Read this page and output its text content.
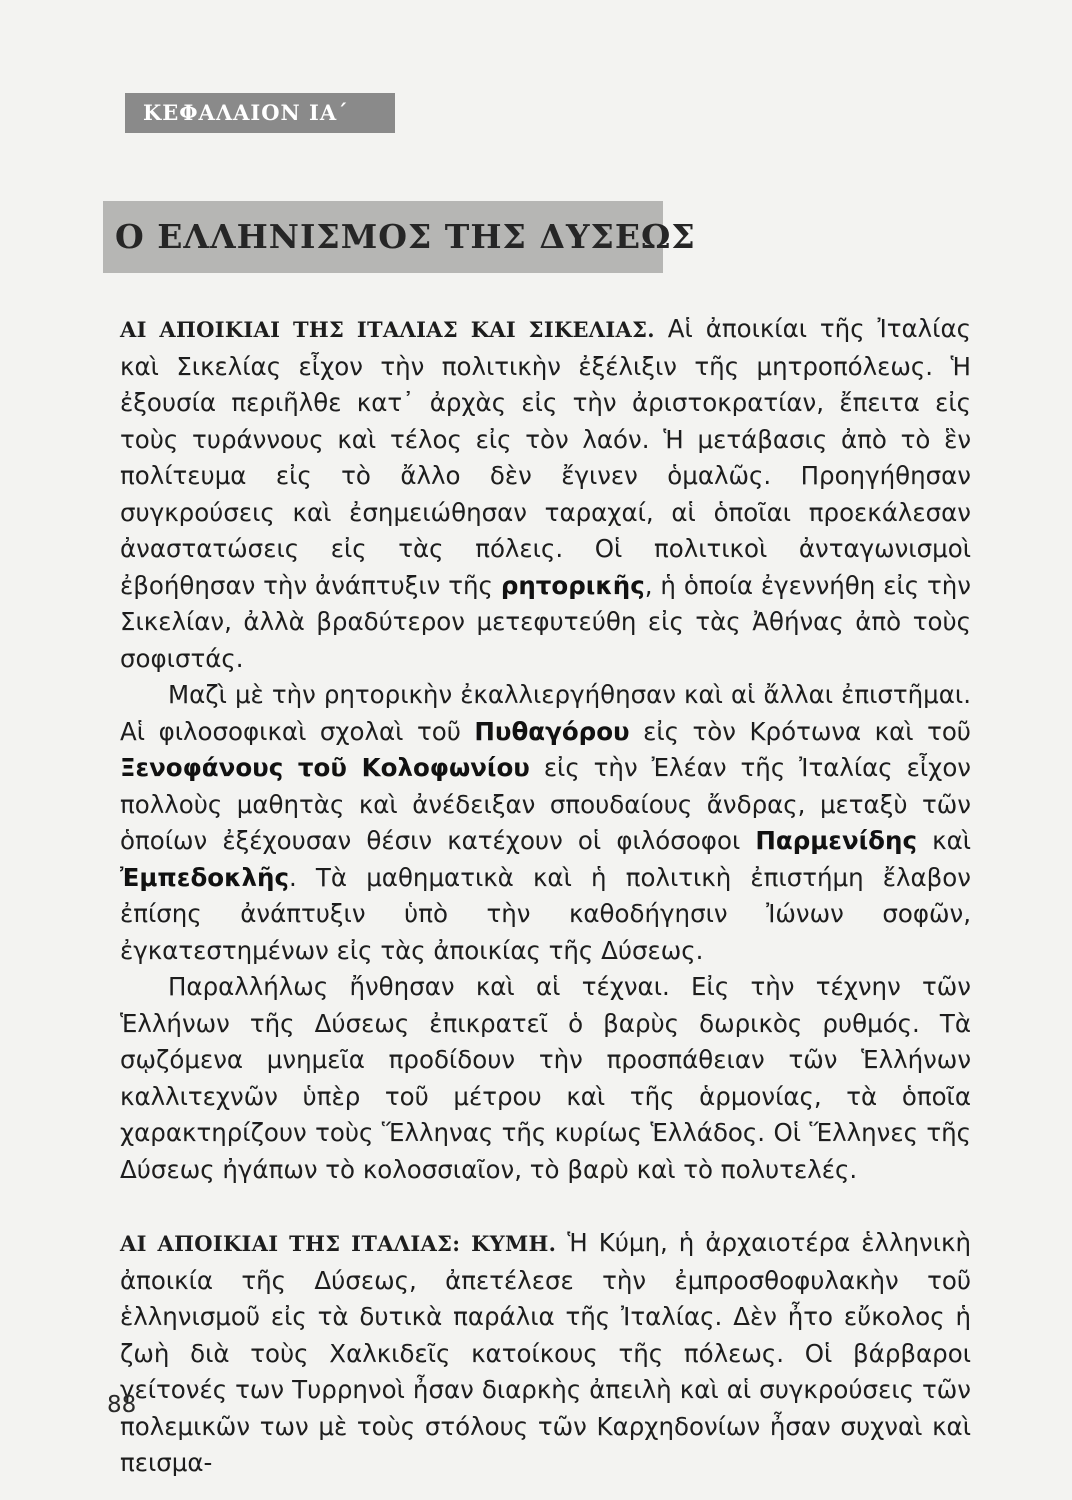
ΚΕΦΑΛΑΙΟΝ ΙΑ΄
Ο ΕΛΛΗΝΙΣΜΟΣ ΤΗΣ ΔΥΣΕΩΣ

ΑΙ ΑΠΟΙΚΙΑΙ ΤΗΣ ΙΤΑΛΙΑΣ ΚΑΙ ΣΙΚΕΛΙΑΣ. Αἱ ἀποικίαι τῆς Ἰταλίας καὶ Σικελίας εἶχον τὴν πολιτικὴν ἐξέλιξιν τῆς μητροπόλεως. Ἡ ἐξουσία περιῆλθε κατ᾽ ἀρχὰς εἰς τὴν ἀριστοκρατίαν, ἔπειτα εἰς τοὺς τυράννους καὶ τέλος εἰς τὸν λαόν. Ἡ μετάβασις ἀπὸ τὸ ἓν πολίτευμα εἰς τὸ ἄλλο δὲν ἔγινεν ὁμαλῶς. Προηγήθησαν συγκρούσεις καὶ ἐσημειώθησαν ταραχαί, αἱ ὁποῖαι προεκάλεσαν ἀναστατώσεις εἰς τὰς πόλεις. Οἱ πολιτικοὶ ἀνταγωνισμοὶ ἐβοήθησαν τὴν ἀνάπτυξιν τῆς ρητορικῆς, ἡ ὁποία ἐγεννήθη εἰς τὴν Σικελίαν, ἀλλὰ βραδύτερον μετεφυτεύθη εἰς τὰς Ἀθήνας ἀπὸ τοὺς σοφιστάς.

Μαζὶ μὲ τὴν ρητορικὴν ἐκαλλιεργήθησαν καὶ αἱ ἄλλαι ἐπιστῆμαι. Αἱ φιλοσοφικαὶ σχολαὶ τοῦ Πυθαγόρου εἰς τὸν Κρότωνα καὶ τοῦ Ξενοφάνους τοῦ Κολοφωνίου εἰς τὴν Ἐλέαν τῆς Ἰταλίας εἶχον πολλοὺς μαθητὰς καὶ ἀνέδειξαν σπουδαίους ἄνδρας, μεταξὺ τῶν ὁποίων ἐξέχουσαν θέσιν κατέχουν οἱ φιλόσοφοι Παρμενίδης καὶ Ἐμπεδοκλῆς. Τὰ μαθηματικὰ καὶ ἡ πολιτικὴ ἐπιστήμη ἔλαβον ἐπίσης ἀνάπτυξιν ὑπὸ τὴν καθοδήγησιν Ἰώνων σοφῶν, ἐγκατεστημένων εἰς τὰς ἀποικίας τῆς Δύσεως.

Παραλλήλως ἤνθησαν καὶ αἱ τέχναι. Εἰς τὴν τέχνην τῶν Ἑλλήνων τῆς Δύσεως ἐπικρατεῖ ὁ βαρὺς δωρικὸς ρυθμός. Τὰ σῳζόμενα μνημεῖα προδίδουν τὴν προσπάθειαν τῶν Ἑλλήνων καλλιτεχνῶν ὑπὲρ τοῦ μέτρου καὶ τῆς ἁρμονίας, τὰ ὁποῖα χαρακτηρίζουν τοὺς Ἕλληνας τῆς κυρίως Ἑλλάδος. Οἱ Ἕλληνες τῆς Δύσεως ἠγάπων τὸ κολοσσιαῖον, τὸ βαρὺ καὶ τὸ πολυτελές.

ΑΙ ΑΠΟΙΚΙΑΙ ΤΗΣ ΙΤΑΛΙΑΣ: ΚΥΜΗ. Ἡ Κύμη, ἡ ἀρχαιοτέρα ἑλληνικὴ ἀποικία τῆς Δύσεως, ἀπετέλεσε τὴν ἐμπροσθοφυλακὴν τοῦ ἑλληνισμοῦ εἰς τὰ δυτικὰ παράλια τῆς Ἰταλίας. Δὲν ἦτο εὔκολος ἡ ζωὴ διὰ τοὺς Χαλκιδεῖς κατοίκους τῆς πόλεως. Οἱ βάρβαροι γείτονές των Τυρρηνοὶ ἦσαν διαρκὴς ἀπειλὴ καὶ αἱ συγκρούσεις τῶν πολεμικῶν των μὲ τοὺς στόλους τῶν Καρχηδονίων ἦσαν συχναὶ καὶ πεισμα-

88
